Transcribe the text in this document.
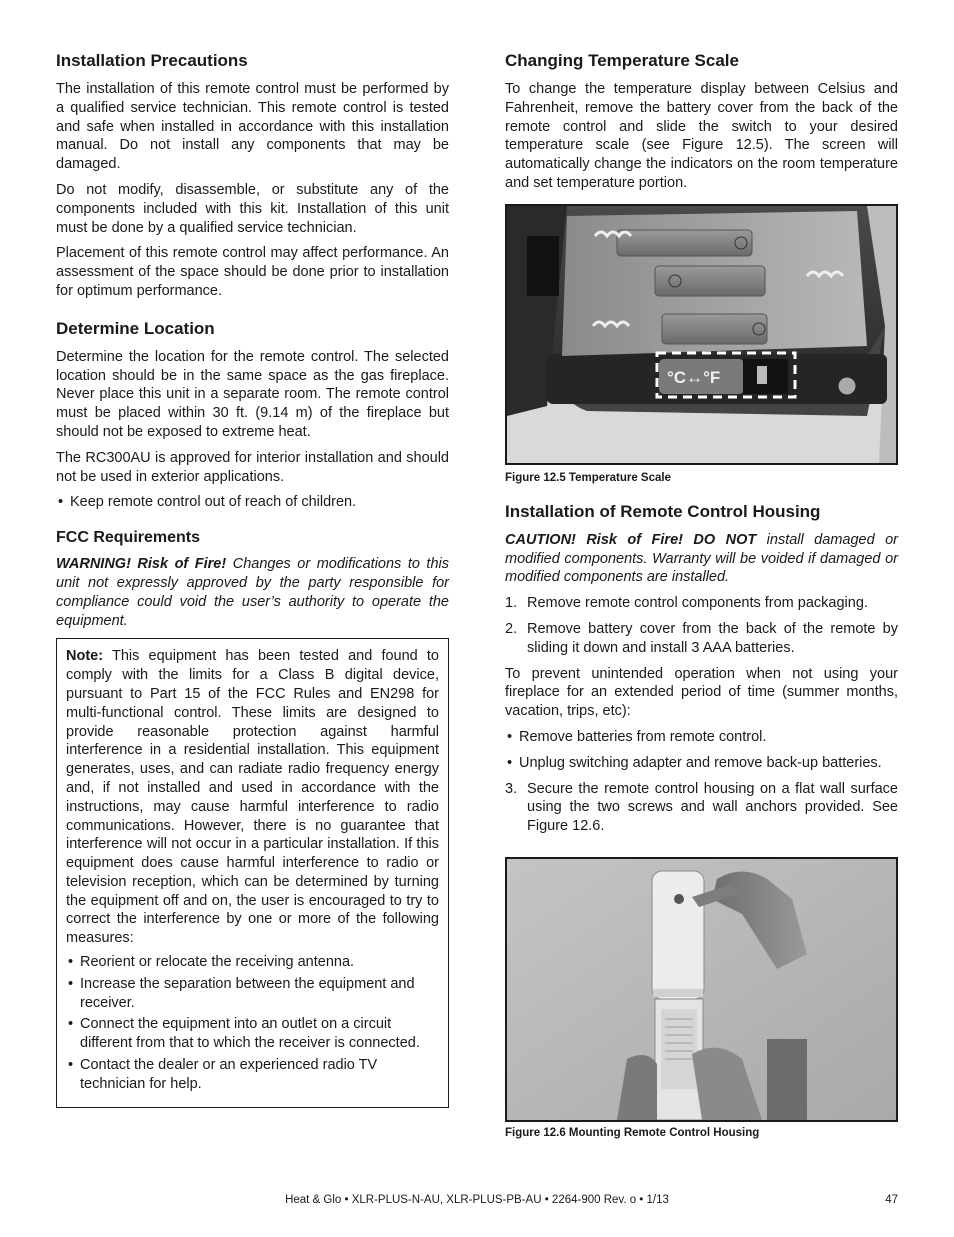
Installation Precautions

The installation of this remote control must be performed by a qualified service technician. This remote control is tested and safe when installed in accordance with this installation manual. Do not install any components that may be damaged.

Do not modify, disassemble, or substitute any of the components included with this kit. Installation of this unit must be done by a qualified service technician.

Placement of this remote control may affect performance. An assessment of the space should be done prior to installation for optimum performance.

Determine Location

Determine the location for the remote control. The selected location should be in the same space as the gas fireplace. Never place this unit in a separate room. The remote control must be placed within 30 ft. (9.14 m) of the fireplace but should not be exposed to extreme heat.

The RC300AU is approved for interior installation and should not be used in exterior applications.

• Keep remote control out of reach of children.
FCC Requirements

WARNING! Risk of Fire! Changes or modifications to this unit not expressly approved by the party responsible for compliance could void the user’s authority to operate the equipment.

Note: This equipment has been tested and found to comply with the limits for a Class B digital device, pursuant to Part 15 of the FCC Rules and EN298 for multi-functional control. These limits are designed to provide reasonable protection against harmful interference in a residential installation. This equipment generates, uses, and can radiate radio frequency energy and, if not installed and used in accordance with the instructions, may cause harmful interference to radio communications. However, there is no guarantee that interference will not occur in a particular installation. If this equipment does cause harmful interference to radio or television reception, which can be determined by turning the equipment off and on, the user is encouraged to try to correct the interference by one or more of the following measures:

• Reorient or relocate the receiving antenna.
• Increase the separation between the equipment and receiver.
• Connect the equipment into an outlet on a circuit different from that to which the receiver is connected.
• Contact the dealer or an experienced radio TV technician for help.
Changing Temperature Scale

To change the temperature display between Celsius and Fahrenheit, remove the battery cover from the back of the remote control and slide the switch to your desired temperature scale (see Figure 12.5). The screen will automatically change the indicators on the room temperature and set temperature portion.

°C↔°F
Figure 12.5 Temperature Scale
Installation of Remote Control Housing

CAUTION! Risk of Fire! DO NOT install damaged or modified components. Warranty will be voided if damaged or modified components are installed.

1. Remove remote control components from packaging.
2. Remove battery cover from the back of the remote by sliding it down and install 3 AAA batteries.

To prevent unintended operation when not using your fireplace for an extended period of time (summer months, vacation, trips, etc):

• Remove batteries from remote control.
• Unplug switching adapter and remove back-up batteries.
3. Secure the remote control housing on a flat wall surface using the two screws and wall anchors provided. See Figure 12.6.
Figure 12.6 Mounting Remote Control Housing
Heat & Glo • XLR-PLUS-N-AU, XLR-PLUS-PB-AU • 2264-900 Rev. o • 1/13	47
